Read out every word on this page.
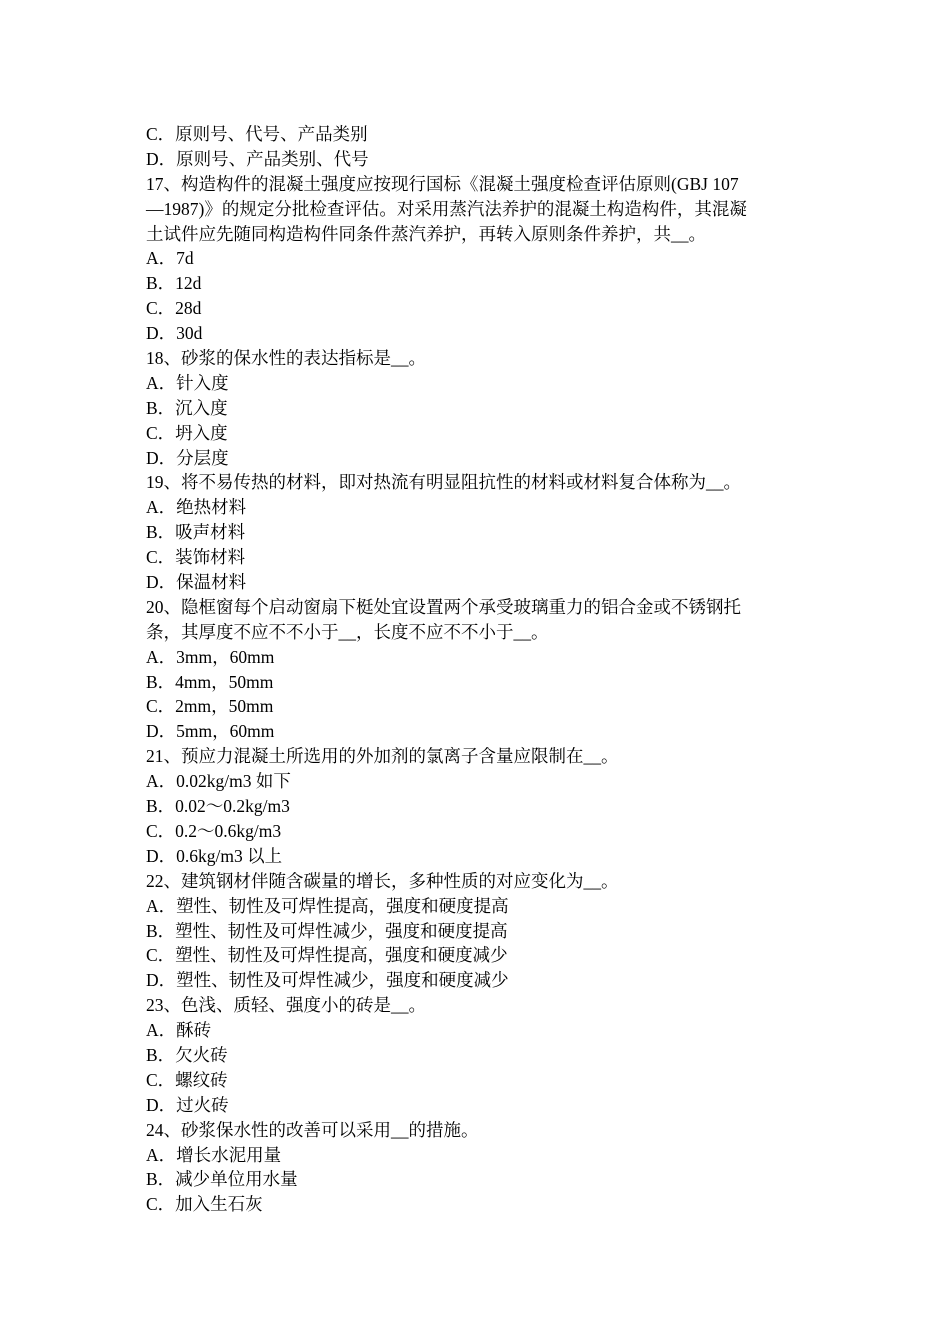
C．原则号、代号、产品类别
D．原则号、产品类别、代号
17、构造构件的混凝土强度应按现行国标《混凝土强度检查评估原则(GBJ 107
—1987)》的规定分批检查评估。对采用蒸汽法养护的混凝土构造构件，其混凝
土试件应先随同构造构件同条件蒸汽养护，再转入原则条件养护，共__。
A．7d
B．12d
C．28d
D．30d
18、砂浆的保水性的表达指标是__。
A．针入度
B．沉入度
C．坍入度
D．分层度
19、将不易传热的材料，即对热流有明显阻抗性的材料或材料复合体称为__。
A．绝热材料
B．吸声材料
C．装饰材料
D．保温材料
20、隐框窗每个启动窗扇下梃处宜设置两个承受玻璃重力的铝合金或不锈钢托
条，其厚度不应不不小于__，长度不应不不小于__。
A．3mm，60mm
B．4mm，50mm
C．2mm，50mm
D．5mm，60mm
21、预应力混凝土所选用的外加剂的氯离子含量应限制在__。
A．0.02kg/m3 如下
B．0.02～0.2kg/m3
C．0.2～0.6kg/m3
D．0.6kg/m3 以上
22、建筑钢材伴随含碳量的增长，多种性质的对应变化为__。
A．塑性、韧性及可焊性提高，强度和硬度提高
B．塑性、韧性及可焊性减少，强度和硬度提高
C．塑性、韧性及可焊性提高，强度和硬度减少
D．塑性、韧性及可焊性减少，强度和硬度减少
23、色浅、质轻、强度小的砖是__。
A．酥砖
B．欠火砖
C．螺纹砖
D．过火砖
24、砂浆保水性的改善可以采用__的措施。
A．增长水泥用量
B．减少单位用水量
C．加入生石灰
